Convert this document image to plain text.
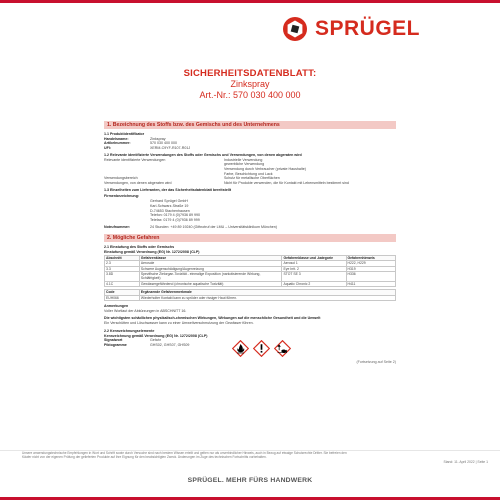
SPRÜGEL
SICHERHEITSDATENBLATT:
Zinkspray
Art.-Nr.: 570 030 400 000
1. Bezeichnung des Stoffs bzw. des Gemischs und des Unternehmens
1.1 Produktidentifikator
Handelsname:	Zinkspray
Artikelnummer:	570 030 400 000
UFI:	XERM-C9YF-R107-R01J
1.2 Relevante identifizierte Verwendungen des Stoffs oder Gemischs und Verwendungen, von denen abgeraten wird
Relevante identifizierte Verwendungen	Industrielle Verwendung
gewerbliche Verwendung
Verwendung durch Verbraucher (private Haushalte)
Farbe, Beschichtung und Lack
Verwendungsbereich	Schutz für metallische Oberflächen
Verwendungen, von denen abgeraten wird	Nicht für Produkte verwenden, die für Kontakt mit Lebensmitteln bestimmt sind
1.3 Einzelheiten zum Lieferanten, der das Sicherheitsdatenblatt bereitstellt
Firmenbezeichnung:
Gerhard Sprügel GmbH
Karl-Schwarz-Straße 19
D-74653 Stachenhausen
Telefon: 0179 4 (0)7936 89 990
Telefax: 0179 4 (0)7936 89 999
Notrufnummer:	24 Stunden: +49 89 19240 (Giftnotruf der LMU – Universitätsklinikum München)
2. Mögliche Gefahren
2.1 Einstufung des Stoffs oder Gemischs
Einstufung gemäß Verordnung (EG) Nr. 1272/2008 (CLP)
Abschnitt	Gefahrenklasse	Gefahrenklasse und -kategorie	Gefahrenhinweis
2.3	Aerosole	Aerosol 1	H222, H229
3.3	Schwere Augenschädigung/Augenreizung	Eye Irrit. 2	H319
3.8D	Spezifische Zielorgan-Toxizität - einmalige Exposition (narkotisierende Wirkung, Schläfrigkeit)	STOT SE 3	H336
4.1C	Gewässergefährdend (chronische aquatische Toxizität)	Aquatic Chronic 2	H411
Code	Ergänzende Gefahrenmerkmale
EUH066	Wiederholter Kontakt kann zu spröder oder rissiger Haut führen.
Anmerkungen
Voller Wortlaut der Abkürzungen in ABSCHNITT 16.
Die wichtigsten schädlichen physikalisch-chemischen Wirkungen, Wirkungen auf die menschliche Gesundheit und die Umwelt
Ein Verschütten und Löschwasser kann zu einer Umweltverschmutzung der Gewässer führen.
2.2 Kennzeichnungselemente
Kennzeichnung gemäß Verordnung (EG) Nr. 1272/2008 (CLP)
Signalwort	Gefahr
Piktogramme	GHS02, GHS07, GHS09
(Fortsetzung auf Seite 2)
Unsere anwendungstechnische Empfehlungen in Wort und Schrift sowie durch Versuche sind nach bestem Wissen erteilt und gelten nur als unverbindlicher Hinweis, auch in Bezug auf etwaige Schutzrechte Dritter. Sie befreien den Käufer nicht von der eigenen Prüfung der gelieferten Produkte auf ihre Eignung für den beabsichtigten Zweck. Änderungen im Zuge des technischen Fortschritts vorbehalten.
Stand: 11. April 2022 | Seite 1
SPRÜGEL. MEHR FÜRS HANDWERK
